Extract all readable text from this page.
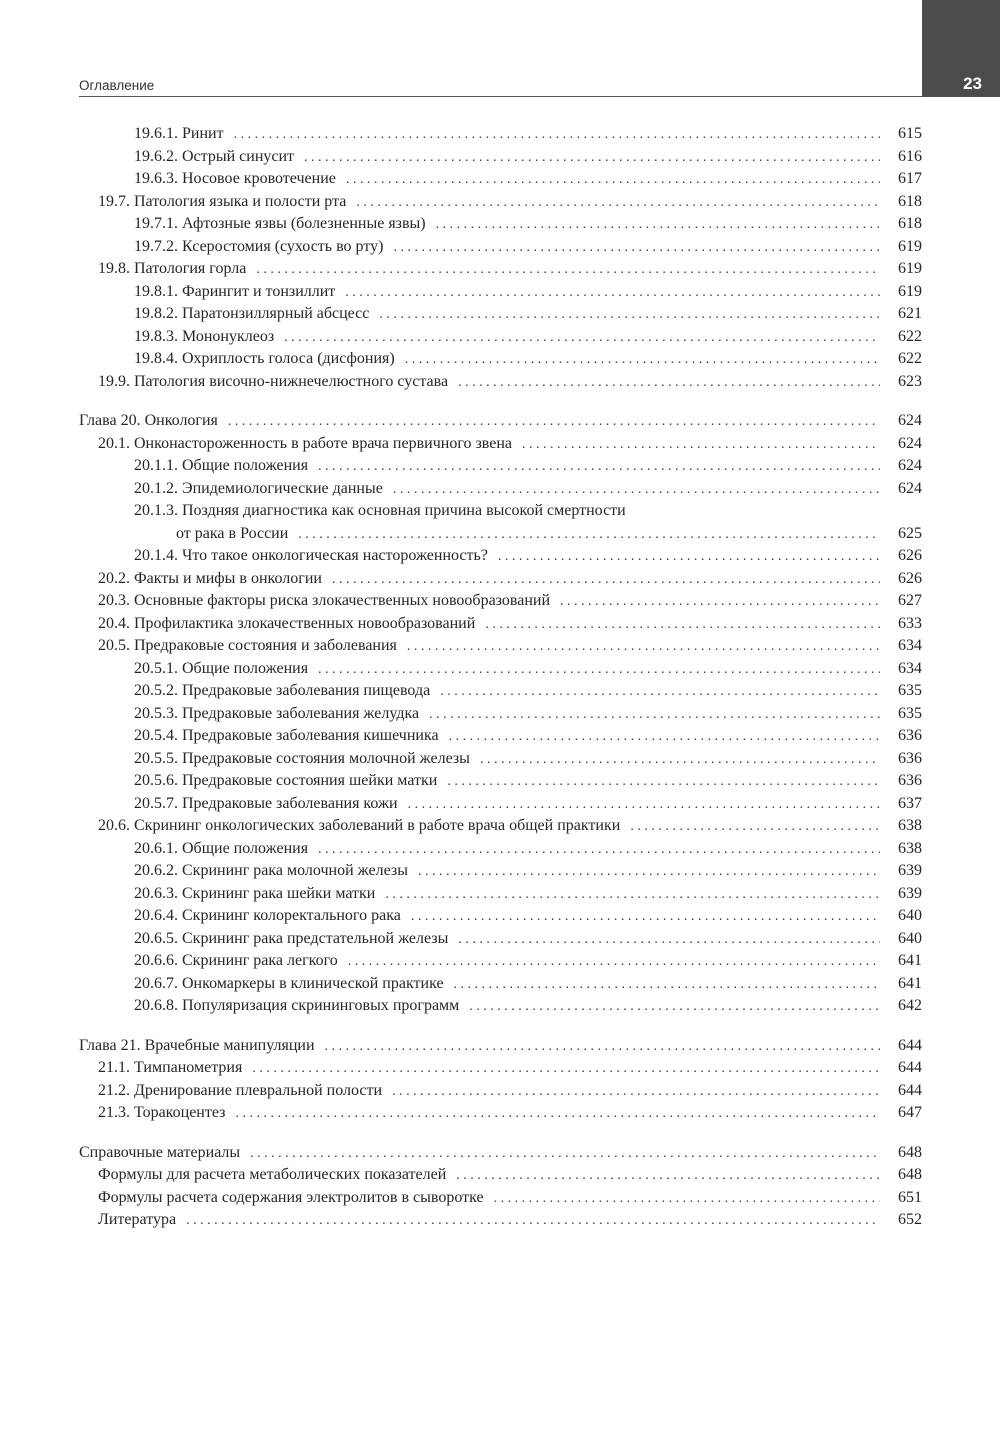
23
Оглавление
19.6.1. Ринит . . .	615
19.6.2. Острый синусит . . .	616
19.6.3. Носовое кровотечение . . .	617
19.7. Патология языка и полости рта . . .	618
19.7.1. Афтозные язвы (болезненные язвы) . . .	618
19.7.2. Ксеростомия (сухость во рту) . . .	619
19.8. Патология горла . . .	619
19.8.1. Фарингит и тонзиллит . . .	619
19.8.2. Паратонзиллярный абсцесс . . .	621
19.8.3. Мононуклеоз . . .	622
19.8.4. Охриплость голоса (дисфония) . . .	622
19.9. Патология височно-нижнечелюстного сустава . . .	623
Глава 20. Онкология . . .	624
20.1. Онконастороженность в работе врача первичного звена . . .	624
20.1.1. Общие положения . . .	624
20.1.2. Эпидемиологические данные . . .	624
20.1.3. Поздняя диагностика как основная причина высокой смертности
от рака в России . . .	625
20.1.4. Что такое онкологическая настороженность? . . .	626
20.2. Факты и мифы в онкологии . . .	626
20.3. Основные факторы риска злокачественных новообразований . . .	627
20.4. Профилактика злокачественных новообразований . . .	633
20.5. Предраковые состояния и заболевания . . .	634
20.5.1. Общие положения . . .	634
20.5.2. Предраковые заболевания пищевода . . .	635
20.5.3. Предраковые заболевания желудка . . .	635
20.5.4. Предраковые заболевания кишечника . . .	636
20.5.5. Предраковые состояния молочной железы . . .	636
20.5.6. Предраковые состояния шейки матки . . .	636
20.5.7. Предраковые заболевания кожи . . .	637
20.6. Скрининг онкологических заболеваний в работе врача общей практики . . .	638
20.6.1. Общие положения . . .	638
20.6.2. Скрининг рака молочной железы . . .	639
20.6.3. Скрининг рака шейки матки . . .	639
20.6.4. Скрининг колоректального рака . . .	640
20.6.5. Скрининг рака предстательной железы . . .	640
20.6.6. Скрининг рака легкого . . .	641
20.6.7. Онкомаркеры в клинической практике . . .	641
20.6.8. Популяризация скрининговых программ . . .	642
Глава 21. Врачебные манипуляции . . .	644
21.1. Тимпанометрия . . .	644
21.2. Дренирование плевральной полости . . .	644
21.3. Торакоцентез . . .	647
Справочные материалы . . .	648
Формулы для расчета метаболических показателей . . .	648
Формулы расчета содержания электролитов в сыворотке . . .	651
Литература . . .	652
